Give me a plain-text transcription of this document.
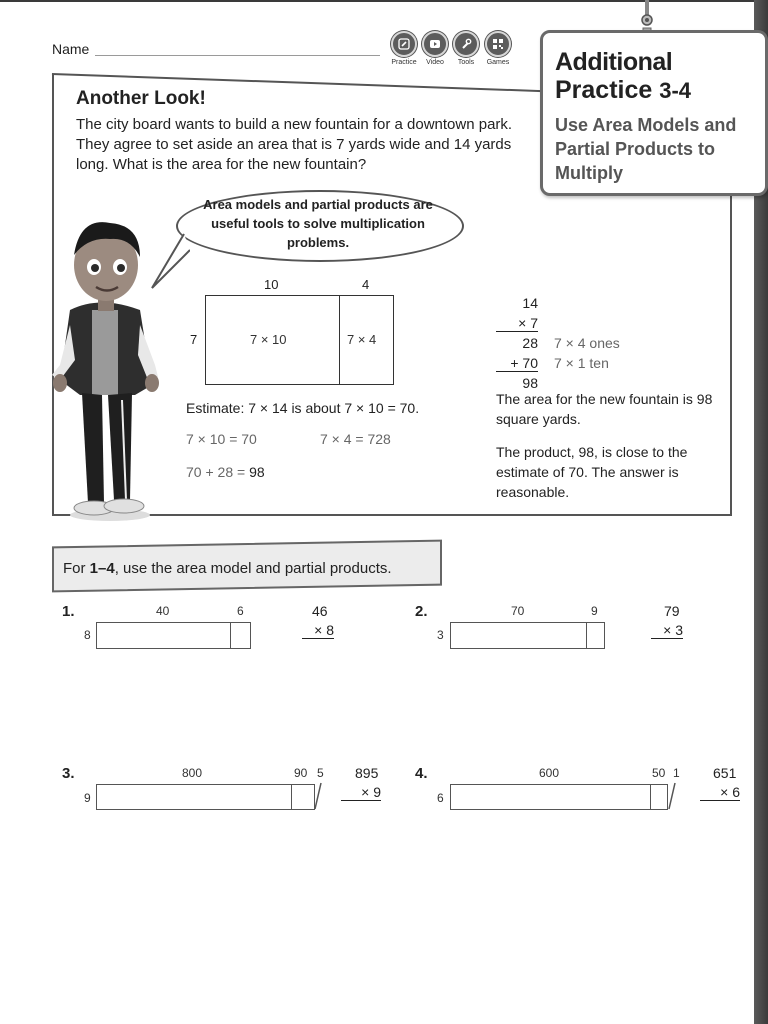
Name
Practice	Video	Tools	Games
Another Look!
The city board wants to build a new fountain for a downtown park. They agree to set aside an area that is 7 yards wide and 14 yards long. What is the area for the new fountain?
Area models and partial products are useful tools to solve multiplication problems.
10	4
7	7 × 10	7 × 4
Estimate: 7 × 14 is about 7 × 10 = 70.
7 × 10 = 70	7 × 4 = 728
70 + 28 = 98
14
× 7
28 7 × 4 ones
+ 70 7 × 1 ten
98
The area for the new fountain is 98 square yards.
The product, 98, is close to the estimate of 70. The answer is reasonable.
Additional
Practice 3-4
Use Area Models and Partial Products to Multiply
For 1–4, use the area model and partial products.
1.	40	6
8
46
× 8
2.	70	9
3
79
× 3
3.	800	90 5
9
895
× 9
4.	600	50 1
6
651
× 6
